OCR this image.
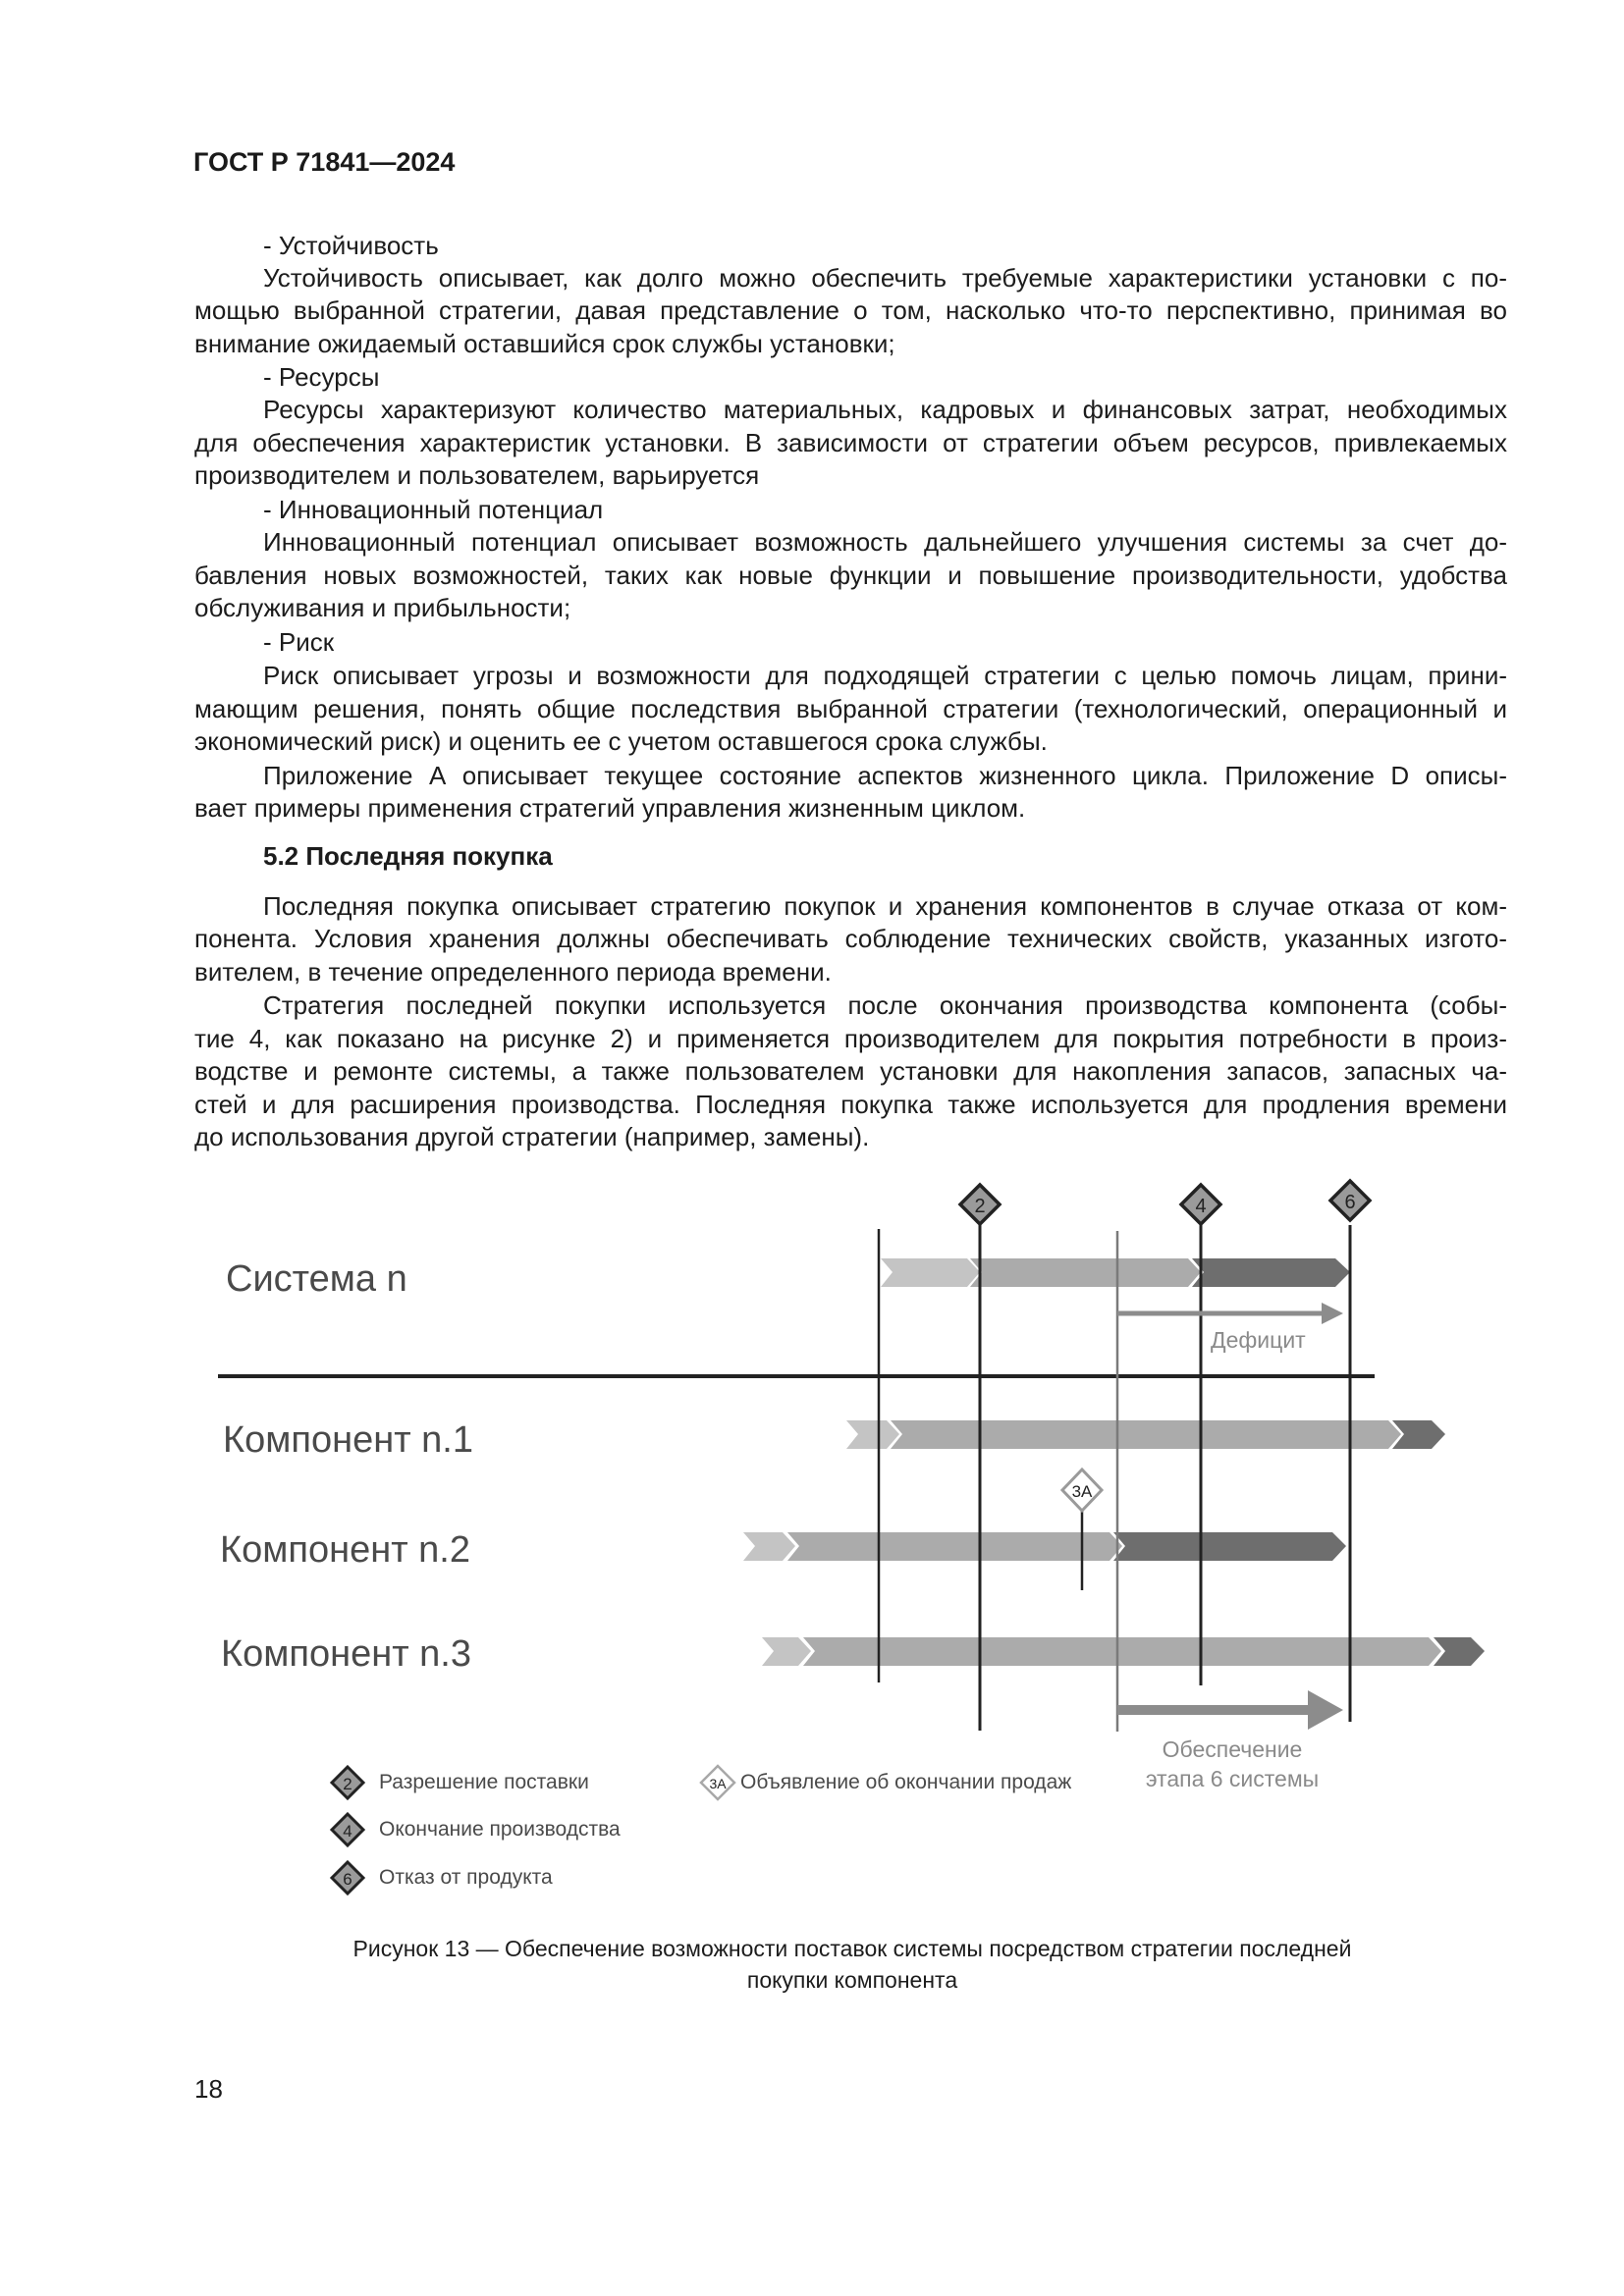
ГОСТ Р 71841—2024
- Устойчивость
Устойчивость описывает, как долго можно обеспечить требуемые характеристики установки с по-
мощью выбранной стратегии, давая представление о том, насколько что-то перспективно, принимая во
внимание ожидаемый оставшийся срок службы установки;
- Ресурсы
Ресурсы характеризуют количество материальных, кадровых и финансовых затрат, необходимых
для обеспечения характеристик установки. В зависимости от стратегии объем ресурсов, привлекаемых
производителем и пользователем, варьируется
- Инновационный потенциал
Инновационный потенциал описывает возможность дальнейшего улучшения системы за счет до-
бавления новых возможностей, таких как новые функции и повышение производительности, удобства
обслуживания и прибыльности;
- Риск
Риск описывает угрозы и возможности для подходящей стратегии с целью помочь лицам, прини-
мающим решения, понять общие последствия выбранной стратегии (технологический, операционный и
экономический риск) и оценить ее с учетом оставшегося срока службы.
Приложение А описывает текущее состояние аспектов жизненного цикла. Приложение D описы-
вает примеры применения стратегий управления жизненным циклом.
5.2 Последняя покупка
Последняя покупка описывает стратегию покупок и хранения компонентов в случае отказа от ком-
понента. Условия хранения должны обеспечивать соблюдение технических свойств, указанных изгото-
вителем, в течение определенного периода времени.
Стратегия последней покупки используется после окончания производства компонента (собы-
тие 4, как показано на рисунке 2) и применяется производителем для покрытия потребности в произ-
водстве и ремонте системы, а также пользователем установки для накопления запасов, запасных ча-
стей и для расширения производства. Последняя покупка также используется для продления времени
до использования другой стратегии (например, замены).
2	4	6
3A
2
4
6
3A
Система n
Компонент n.1
Компонент n.2
Компонент n.3
Дефицит
Обеспечение
этапа 6 системы
Разрешение поставки
Окончание производства
Отказ от продукта
Объявление об окончании продаж
Рисунок 13 — Обеспечение возможности поставок системы посредством стратегии последней
покупки компонента
18
